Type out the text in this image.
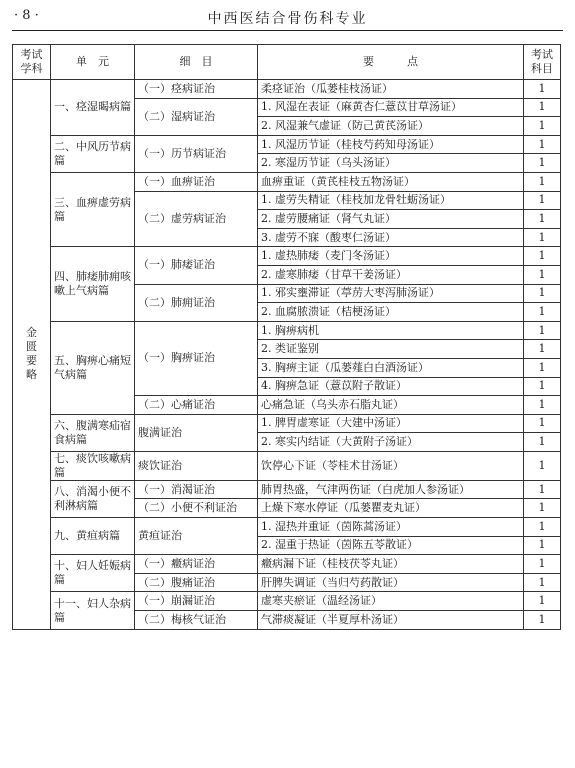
· 8 ·	中西医结合骨伤科专业
考试学科	单　元	细　目	要　　　点	考试科目
金匮要略	一、痉湿暍病篇	（一）痉病证治	柔痉证治（瓜蒌桂枝汤证）	1
		（二）湿病证治	1. 风湿在表证（麻黄杏仁薏苡甘草汤证）	1
			2. 风湿兼气虚证（防己黄芪汤证）	1
	二、中风历节病篇	（一）历节病证治	1. 风湿历节证（桂枝芍药知母汤证）	1
			2. 寒湿历节证（乌头汤证）	1
	三、血痹虚劳病篇	（一）血痹证治	血痹重证（黄芪桂枝五物汤证）	1
		（二）虚劳病证治	1. 虚劳失精证（桂枝加龙骨牡蛎汤证）	1
			2. 虚劳腰痛证（肾气丸证）	1
			3. 虚劳不寐（酸枣仁汤证）	1
	四、肺痿肺痈咳嗽上气病篇	（一）肺痿证治	1. 虚热肺痿（麦门冬汤证）	1
			2. 虚寒肺痿（甘草干姜汤证）	1
		（二）肺痈证治	1. 邪实壅滞证（葶苈大枣泻肺汤证）	1
			2. 血腐脓溃证（桔梗汤证）	1
	五、胸痹心痛短气病篇	（一）胸痹证治	1. 胸痹病机	1
			2. 类证鉴别	1
			3. 胸痹主证（瓜蒌薤白白酒汤证）	1
			4. 胸痹急证（薏苡附子散证）	1
		（二）心痛证治	心痛急证（乌头赤石脂丸证）	1
	六、腹满寒疝宿食病篇	腹满证治	1. 脾胃虚寒证（大建中汤证）	1
			2. 寒实内结证（大黄附子汤证）	1
	七、痰饮咳嗽病篇	痰饮证治	饮停心下证（苓桂术甘汤证）	1
	八、消渴小便不利淋病篇	（一）消渴证治	肺胃热盛，气津两伤证（白虎加人参汤证）	1
		（二）小便不利证治	上燥下寒水停证（瓜蒌瞿麦丸证）	1
	九、黄疸病篇	黄疸证治	1. 湿热并重证（茵陈蒿汤证）	1
			2. 湿重于热证（茵陈五苓散证）	1
	十、妇人妊娠病篇	（一）癥病证治	癥病漏下证（桂枝茯苓丸证）	1
		（二）腹痛证治	肝脾失调证（当归芍药散证）	1
	十一、妇人杂病篇	（一）崩漏证治	虚寒夹瘀证（温经汤证）	1
		（二）梅核气证治	气滞痰凝证（半夏厚朴汤证）	1
